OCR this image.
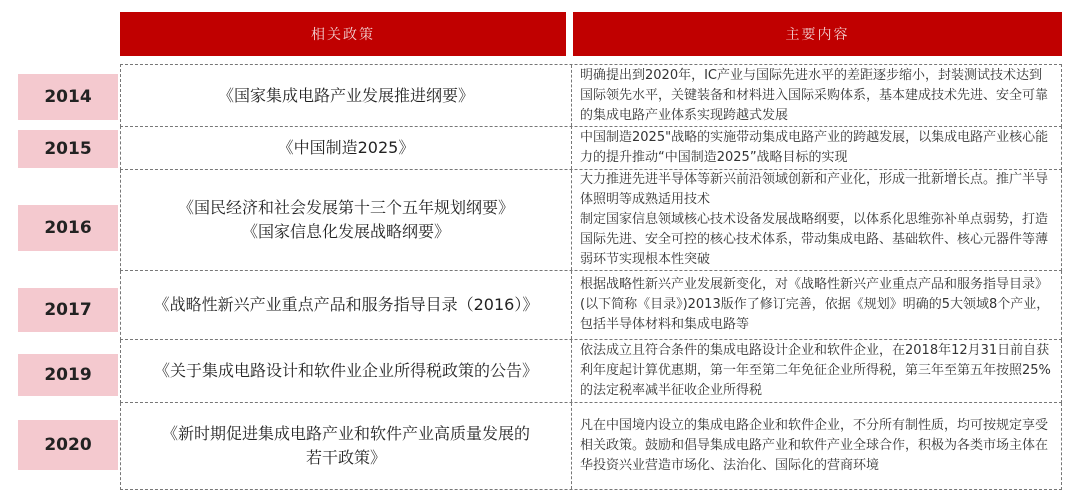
相关政策	主要内容
2014
2015
2016
2017
2019
2020
《国家集成电路产业发展推进纲要》
明确提出到2020年，IC产业与国际先进水平的差距逐步缩小，封装测试技术达到国际领先水平，关键装备和材料进入国际采购体系，基本建成技术先进、安全可靠的集成电路产业体系实现跨越式发展
《中国制造2025》
中国制造2025"战略的实施带动集成电路产业的跨越发展，以集成电路产业核心能力的提升推动“中国制造2025”战略目标的实现
《国民经济和社会发展第十三个五年规划纲要》
《国家信息化发展战略纲要》
大力推进先进半导体等新兴前沿领域创新和产业化，形成一批新增长点。推广半导体照明等成熟适用技术
制定国家信息领域核心技术设备发展战略纲要，以体系化思维弥补单点弱势，打造国际先进、安全可控的核心技术体系，带动集成电路、基础软件、核心元器件等薄弱环节实现根本性突破
《战略性新兴产业重点产品和服务指导目录（2016）》
根据战略性新兴产业发展新变化，对《战略性新兴产业重点产品和服务指导目录》(以下简称《目录》)2013版作了修订完善，依据《规划》明确的5大领域8个产业，包括半导体材料和集成电路等
《关于集成电路设计和软件业企业所得税政策的公告》
依法成立且符合条件的集成电路设计企业和软件企业，在2018年12月31日前自获利年度起计算优惠期，第一年至第二年免征企业所得税，第三年至第五年按照25%的法定税率减半征收企业所得税
《新时期促进集成电路产业和软件产业高质量发展的
若干政策》
凡在中国境内设立的集成电路企业和软件企业，不分所有制性质，均可按规定享受相关政策。鼓励和倡导集成电路产业和软件产业全球合作，积极为各类市场主体在华投资兴业营造市场化、法治化、国际化的营商环境
